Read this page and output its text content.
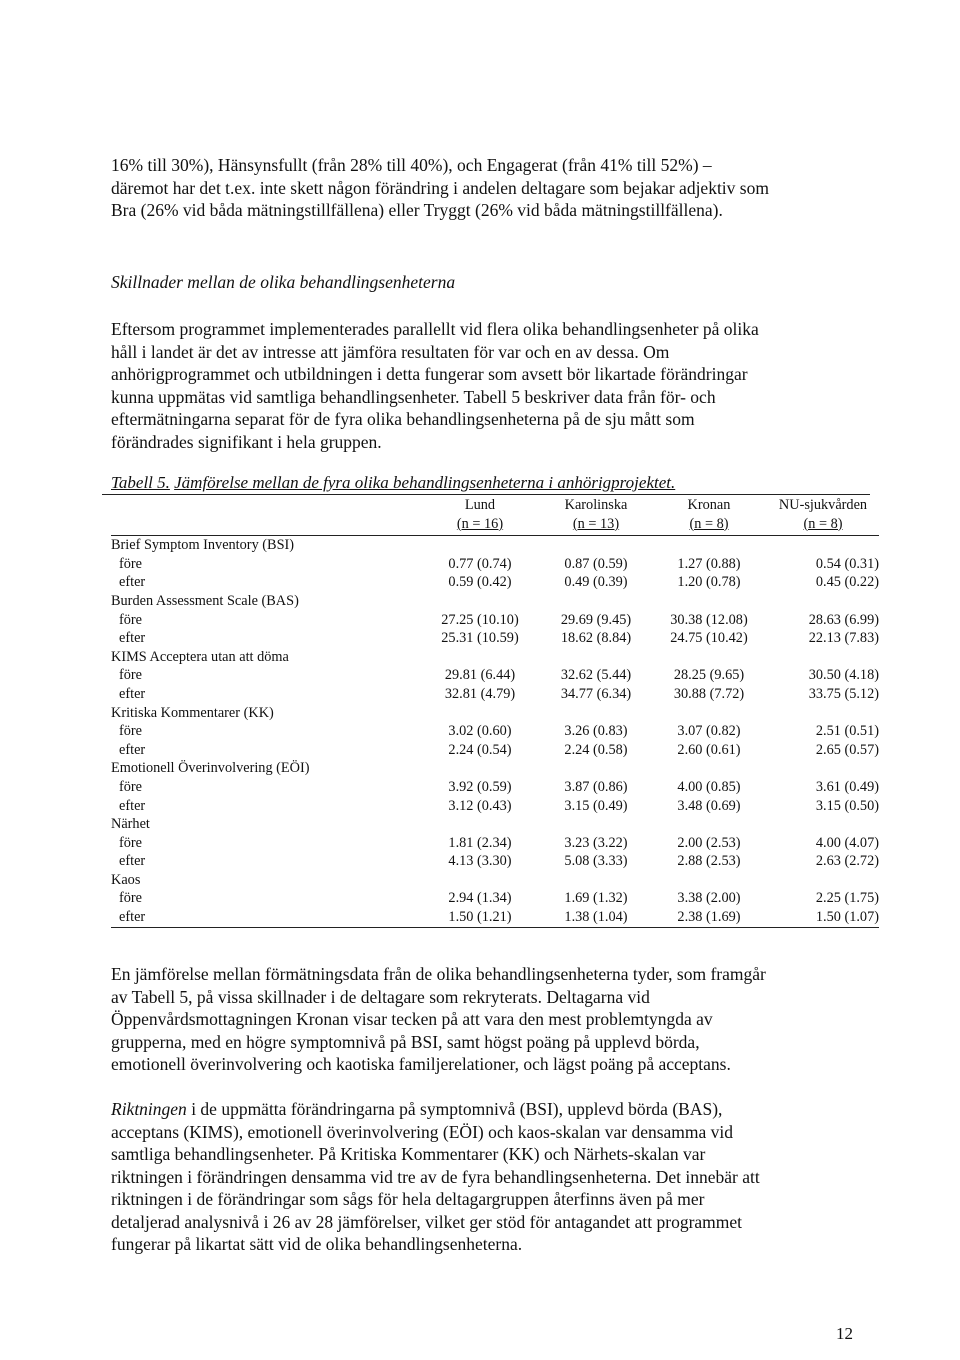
16% till 30%), Hänsynsfullt (från 28% till 40%), och Engagerat (från 41% till 52%) –
däremot har det t.ex. inte skett någon förändring i andelen deltagare som bejakar adjektiv som
Bra (26% vid båda mätningstillfällena) eller Tryggt (26% vid båda mätningstillfällena).

Skillnader mellan de olika behandlingsenheterna

Eftersom programmet implementerades parallellt vid flera olika behandlingsenheter på olika
håll i landet är det av intresse att jämföra resultaten för var och en av dessa. Om
anhörigprogrammet och utbildningen i detta fungerar som avsett bör likartade förändringar
kunna uppmätas vid samtliga behandlingsenheter. Tabell 5 beskriver data från för- och
eftermätningarna separat för de fyra olika behandlingsenheterna på de sju mått som
förändrades signifikant i hela gruppen.

Tabell 5. Jämförelse mellan de fyra olika behandlingsenheterna i anhörigprojektet.

	Lund	Karolinska	Kronan	NU-sjukvården
	(n = 16)	(n = 13)	(n = 8)	(n = 8)
Brief Symptom Inventory (BSI)				
före	0.77 (0.74)	0.87 (0.59)	1.27 (0.88)	0.54 (0.31)
efter	0.59 (0.42)	0.49 (0.39)	1.20 (0.78)	0.45 (0.22)
Burden Assessment Scale (BAS)				
före	27.25 (10.10)	29.69 (9.45)	30.38 (12.08)	28.63 (6.99)
efter	25.31 (10.59)	18.62 (8.84)	24.75 (10.42)	22.13 (7.83)
KIMS Acceptera utan att döma				
före	29.81 (6.44)	32.62 (5.44)	28.25 (9.65)	30.50 (4.18)
efter	32.81 (4.79)	34.77 (6.34)	30.88 (7.72)	33.75 (5.12)
Kritiska Kommentarer (KK)				
före	3.02 (0.60)	3.26 (0.83)	3.07 (0.82)	2.51 (0.51)
efter	2.24 (0.54)	2.24 (0.58)	2.60 (0.61)	2.65 (0.57)
Emotionell Överinvolvering (EÖI)				
före	3.92 (0.59)	3.87 (0.86)	4.00 (0.85)	3.61 (0.49)
efter	3.12 (0.43)	3.15 (0.49)	3.48 (0.69)	3.15 (0.50)
Närhet				
före	1.81 (2.34)	3.23 (3.22)	2.00 (2.53)	4.00 (4.07)
efter	4.13 (3.30)	5.08 (3.33)	2.88 (2.53)	2.63 (2.72)
Kaos				
före	2.94 (1.34)	1.69 (1.32)	3.38 (2.00)	2.25 (1.75)
efter	1.50 (1.21)	1.38 (1.04)	2.38 (1.69)	1.50 (1.07)

En jämförelse mellan förmätningsdata från de olika behandlingsenheterna tyder, som framgår
av Tabell 5, på vissa skillnader i de deltagare som rekryterats. Deltagarna vid
Öppenvårdsmottagningen Kronan visar tecken på att vara den mest problemtyngda av
grupperna, med en högre symptomnivå på BSI, samt högst poäng på upplevd börda,
emotionell överinvolvering och kaotiska familjerelationer, och lägst poäng på acceptans.

Riktningen i de uppmätta förändringarna på symptomnivå (BSI), upplevd börda (BAS),
acceptans (KIMS), emotionell överinvolvering (EÖI) och kaos-skalan var densamma vid
samtliga behandlingsenheter. På Kritiska Kommentarer (KK) och Närhets-skalan var
riktningen i förändringen densamma vid tre av de fyra behandlingsenheterna. Det innebär att
riktningen i de förändringar som sågs för hela deltagargruppen återfinns även på mer
detaljerad analysnivå i 26 av 28 jämförelser, vilket ger stöd för antagandet att programmet
fungerar på likartat sätt vid de olika behandlingsenheterna.

12
